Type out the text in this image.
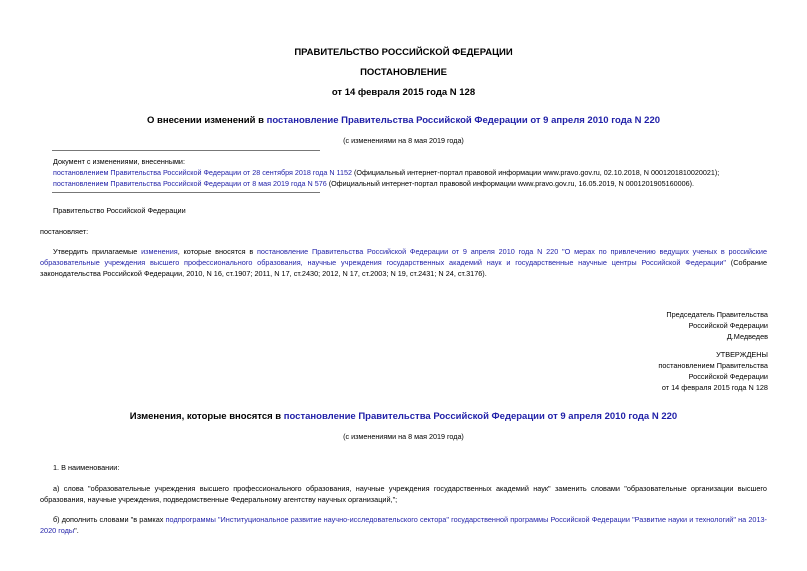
ПРАВИТЕЛЬСТВО РОССИЙСКОЙ ФЕДЕРАЦИИ
ПОСТАНОВЛЕНИЕ
от 14 февраля 2015 года N 128
О внесении изменений в постановление Правительства Российской Федерации от 9 апреля 2010 года N 220
(с изменениями на 8 мая 2019 года)
Документ с изменениями, внесенными:
постановлением Правительства Российской Федерации от 28 сентября 2018 года N 1152 (Официальный интернет-портал правовой информации www.pravo.gov.ru, 02.10.2018, N 0001201810020021);
постановлением Правительства Российской Федерации от 8 мая 2019 года N 576 (Официальный интернет-портал правовой информации www.pravo.gov.ru, 16.05.2019, N 0001201905160006).
Правительство Российской Федерации
постановляет:
Утвердить прилагаемые изменения, которые вносятся в постановление Правительства Российской Федерации от 9 апреля 2010 года N 220 "О мерах по привлечению ведущих ученых в российские образовательные учреждения высшего профессионального образования, научные учреждения государственных академий наук и государственные научные центры Российской Федерации" (Собрание законодательства Российской Федерации, 2010, N 16, ст.1907; 2011, N 17, ст.2430; 2012, N 17, ст.2003; N 19, ст.2431; N 24, ст.3176).
Председатель Правительства
Российской Федерации
Д.Медведев
УТВЕРЖДЕНЫ
постановлением Правительства
Российской Федерации
от 14 февраля 2015 года N 128
Изменения, которые вносятся в постановление Правительства Российской Федерации от 9 апреля 2010 года N 220
(с изменениями на 8 мая 2019 года)
1. В наименовании:
а) слова "образовательные учреждения высшего профессионального образования, научные учреждения государственных академий наук" заменить словами "образовательные организации высшего образования, научные учреждения, подведомственные Федеральному агентству научных организаций,";
б) дополнить словами "в рамках подпрограммы "Институциональное развитие научно-исследовательского сектора" государственной программы Российской Федерации "Развитие науки и технологий" на 2013-2020 годы".
